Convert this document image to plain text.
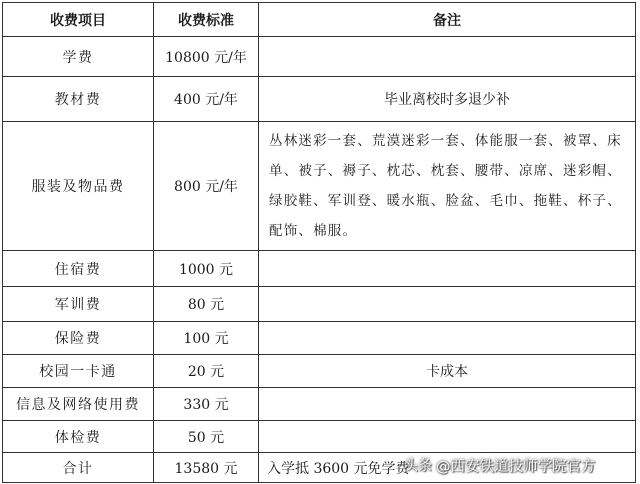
收费项目	收费标准	备注
学费	10800 元/年	
教材费	400 元/年	毕业离校时多退少补
服装及物品费	800 元/年	丛林迷彩一套、荒漠迷彩一套、体能服一套、被罩、床单、被子、褥子、枕芯、枕套、腰带、凉席、迷彩帽、绿胶鞋、军训登、暖水瓶、脸盆、毛巾、拖鞋、杯子、配饰、棉服。
住宿费	1000 元	
军训费	80 元	
保险费	100 元	
校园一卡通	20 元	卡成本
信息及网络使用费	330 元	
体检费	50 元	
合计	13580 元	入学抵 3600 元免学费
头条 @西安铁道技师学院官方
